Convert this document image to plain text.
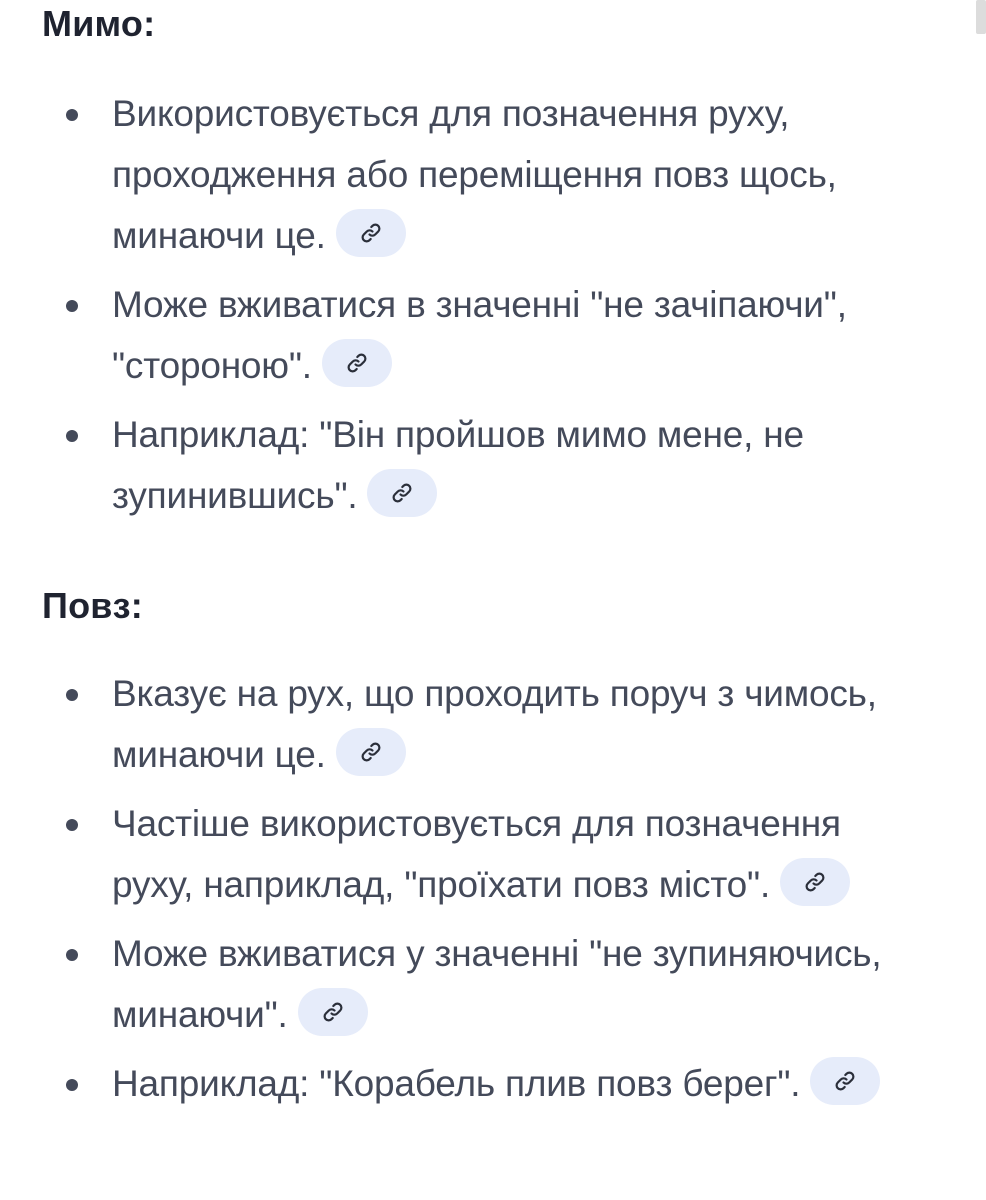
Мимо:
Використовується для позначення руху, проходження або переміщення повз щось, минаючи це.
Може вживатися в значенні "не зачіпаючи", "стороною".
Наприклад: "Він пройшов мимо мене, не зупинившись".
Повз:
Вказує на рух, що проходить поруч з чимось, минаючи це.
Частіше використовується для позначення руху, наприклад, "проїхати повз місто".
Може вживатися у значенні "не зупиняючись, минаючи".
Наприклад: "Корабель плив повз берег".
